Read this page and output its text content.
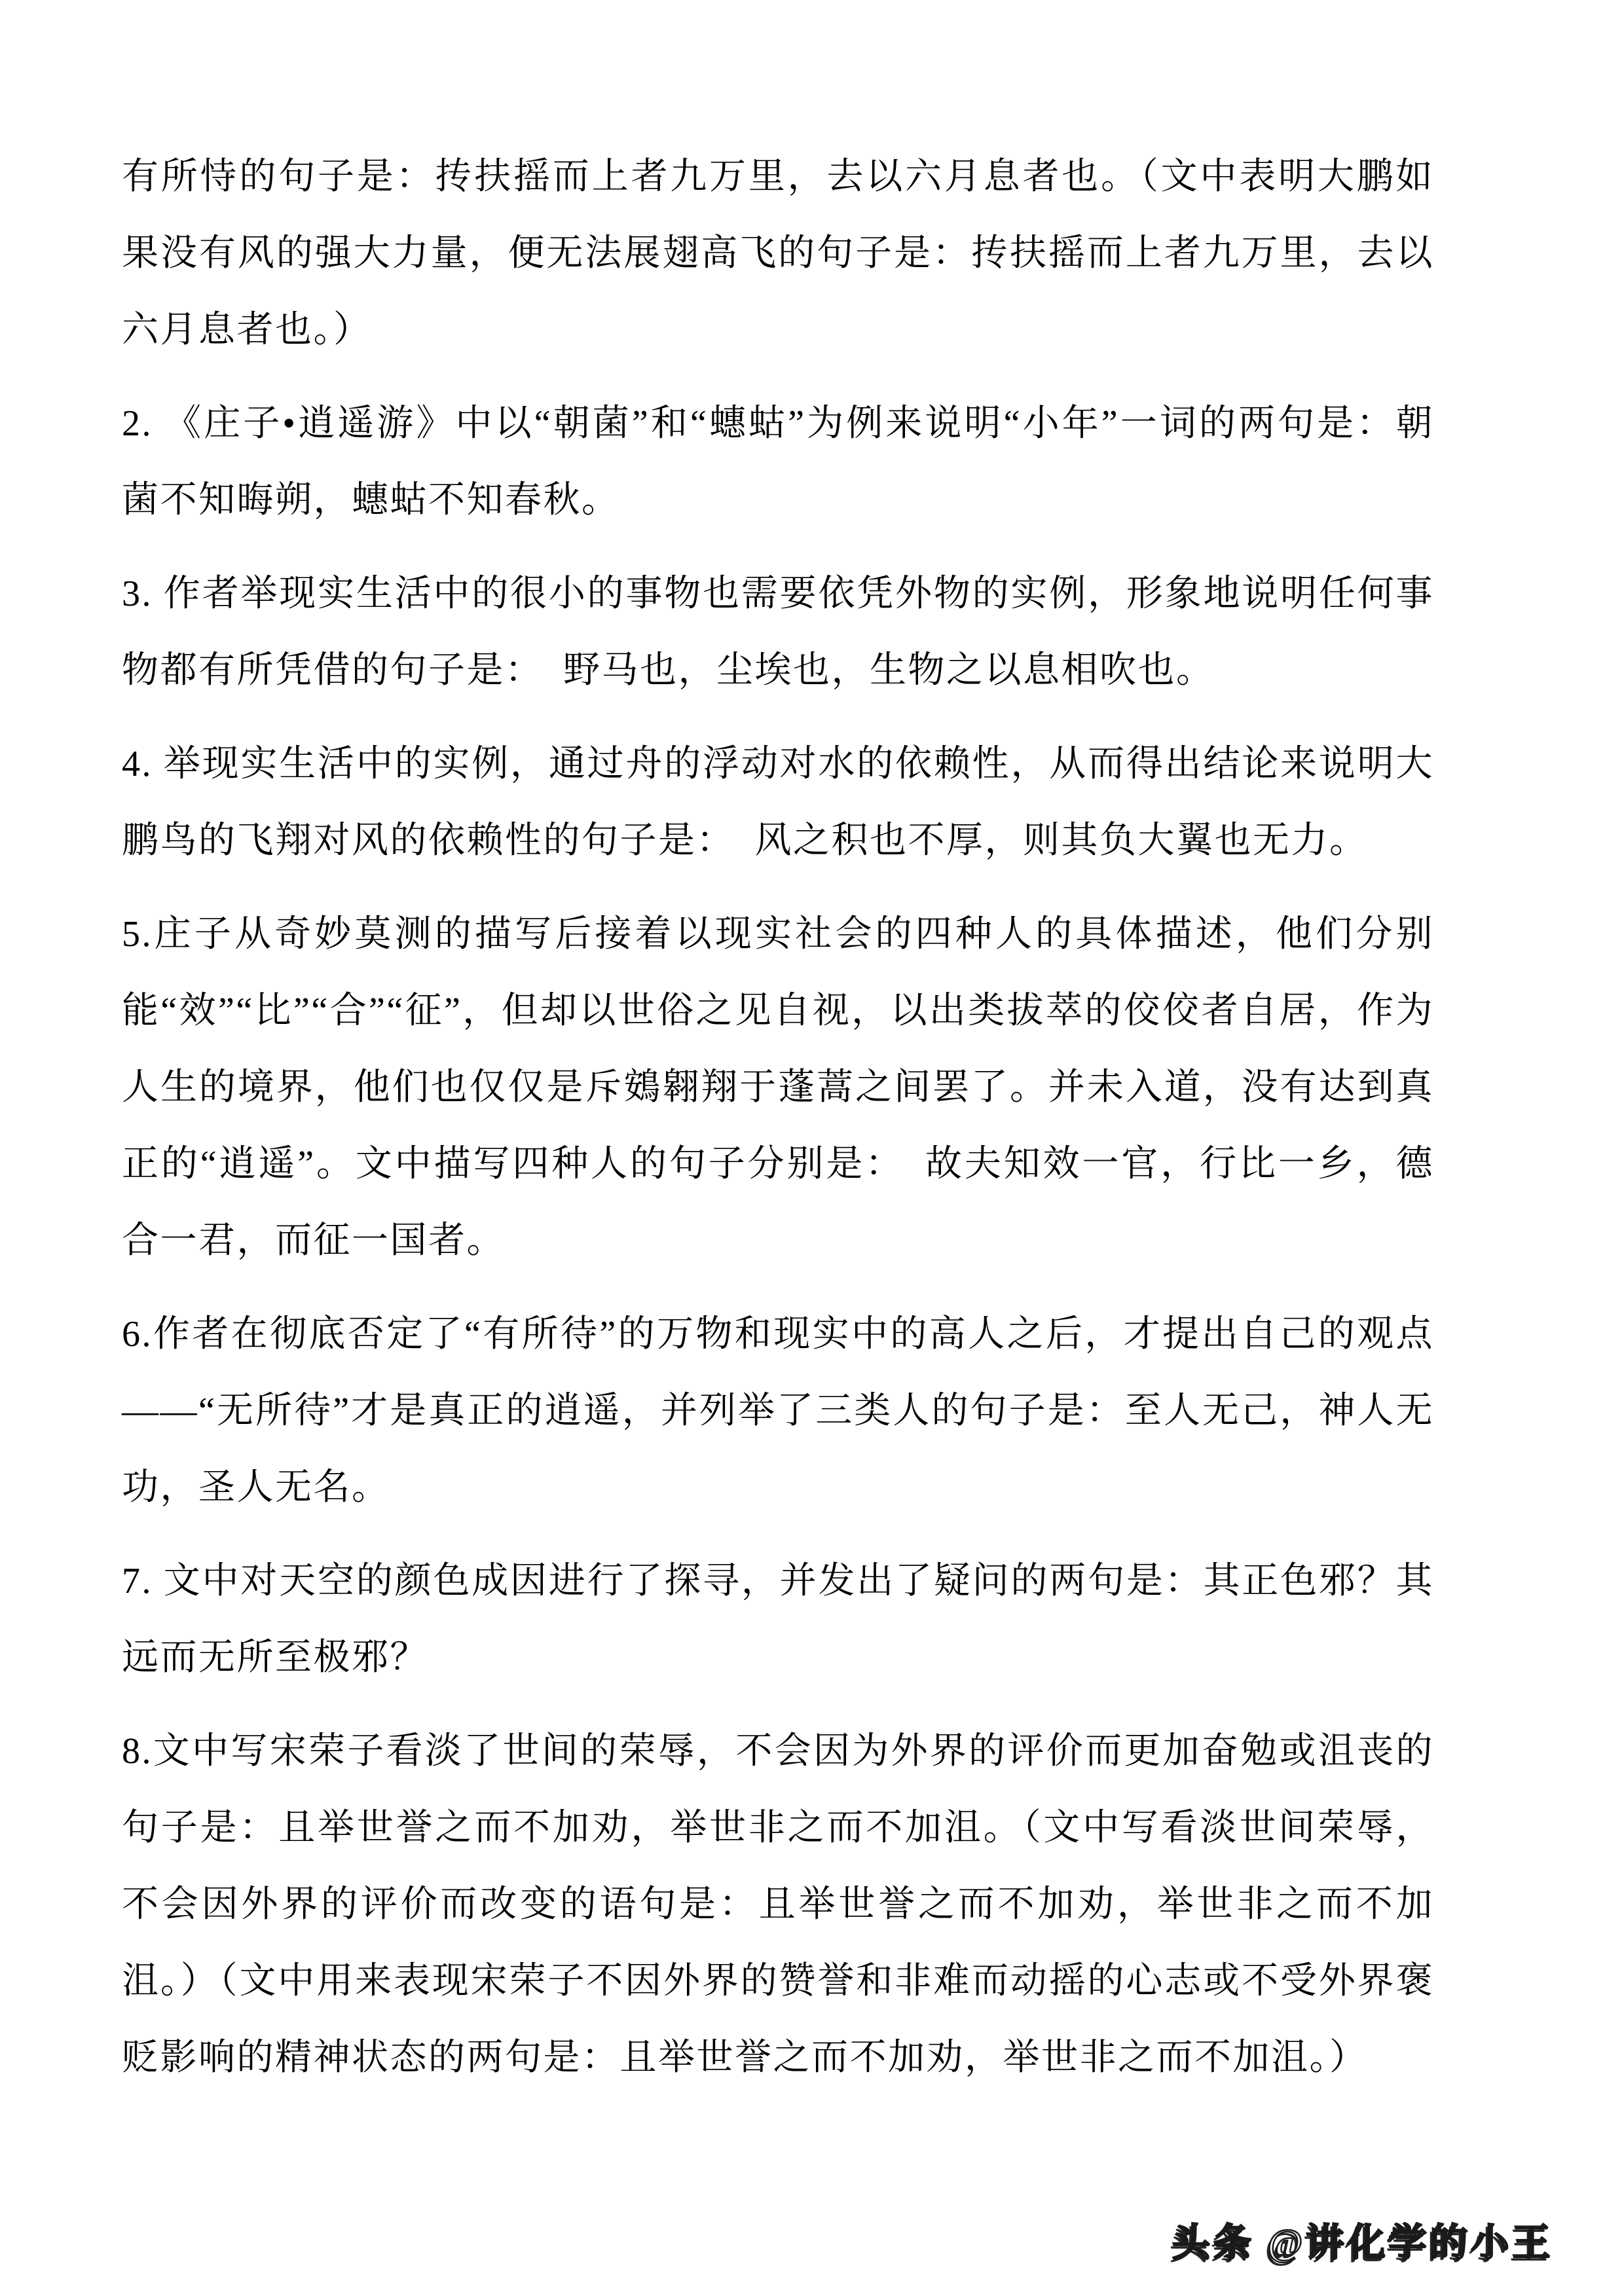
有所恃的句子是：抟扶摇而上者九万里，去以六月息者也。（文中表明大鹏如果没有风的强大力量，便无法展翅高飞的句子是：抟扶摇而上者九万里，去以六月息者也。）

2. 《庄子•逍遥游》中以“朝菌”和“蟪蛄”为例来说明“小年”一词的两句是：朝菌不知晦朔，蟪蛄不知春秋。

3. 作者举现实生活中的很小的事物也需要依凭外物的实例，形象地说明任何事物都有所凭借的句子是：　野马也，尘埃也，生物之以息相吹也。

4. 举现实生活中的实例，通过舟的浮动对水的依赖性，从而得出结论来说明大鹏鸟的飞翔对风的依赖性的句子是：　风之积也不厚，则其负大翼也无力。

5.庄子从奇妙莫测的描写后接着以现实社会的四种人的具体描述，他们分别能“效”“比”“合”“征”，但却以世俗之见自视，以出类拔萃的佼佼者自居，作为人生的境界，他们也仅仅是斥鴳翱翔于蓬蒿之间罢了。并未入道，没有达到真正的“逍遥”。文中描写四种人的句子分别是：　故夫知效一官，行比一乡，德合一君，而征一国者。

6.作者在彻底否定了“有所待”的万物和现实中的高人之后，才提出自己的观点——“无所待”才是真正的逍遥，并列举了三类人的句子是：至人无己，神人无功，圣人无名。

7. 文中对天空的颜色成因进行了探寻，并发出了疑问的两句是：其正色邪？其远而无所至极邪？

8.文中写宋荣子看淡了世间的荣辱，不会因为外界的评价而更加奋勉或沮丧的句子是：且举世誉之而不加劝，举世非之而不加沮。（文中写看淡世间荣辱，不会因外界的评价而改变的语句是：且举世誉之而不加劝，举世非之而不加沮。）（文中用来表现宋荣子不因外界的赞誉和非难而动摇的心志或不受外界褒贬影响的精神状态的两句是：且举世誉之而不加劝，举世非之而不加沮。）

头条 @讲化学的小王
